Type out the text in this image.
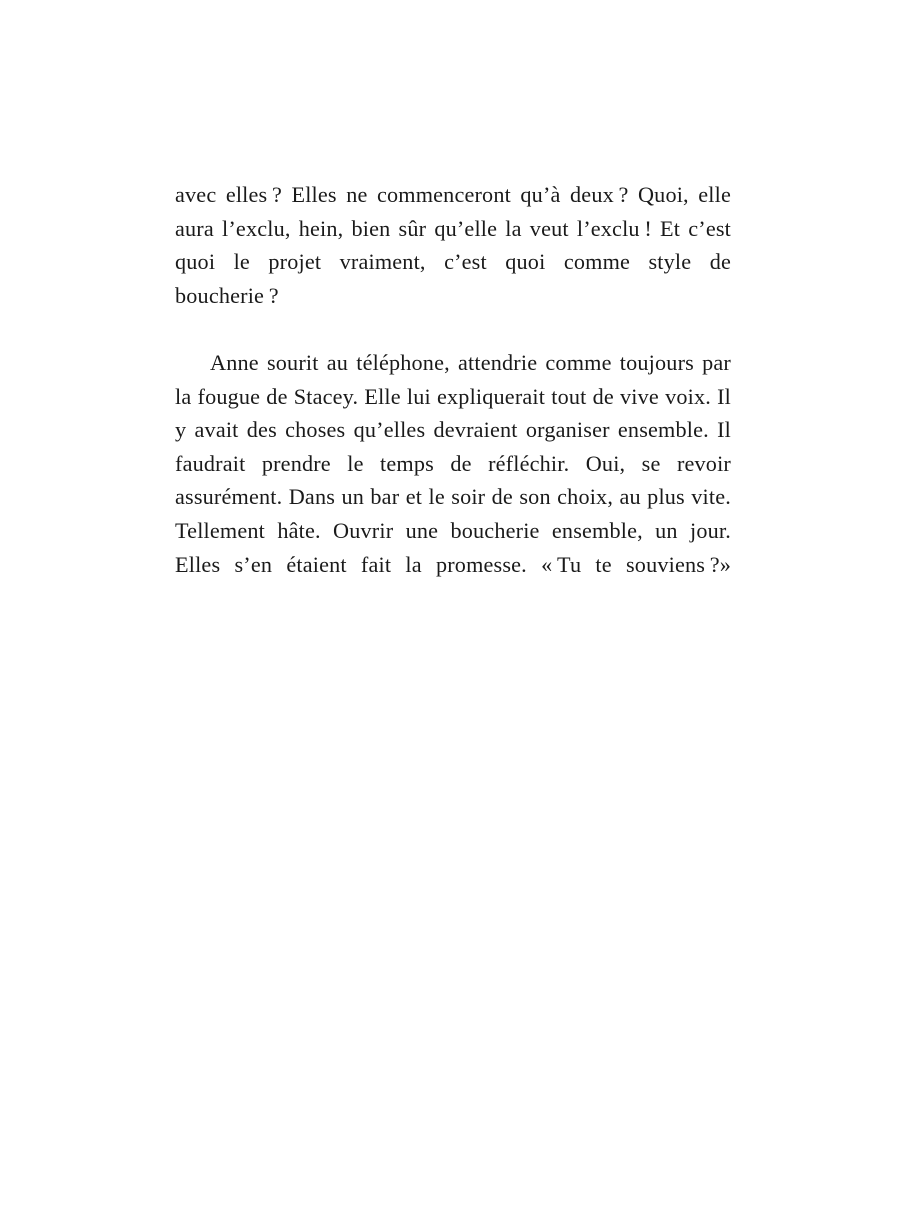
avec elles ? Elles ne commenceront qu’à deux ? Quoi, elle aura l’exclu, hein, bien sûr qu’elle la veut l’exclu ! Et c’est quoi le projet vraiment, c’est quoi comme style de boucherie ?

Anne sourit au téléphone, attendrie comme toujours par la fougue de Stacey. Elle lui expliquerait tout de vive voix. Il y avait des choses qu’elles devraient organiser ensemble. Il faudrait prendre le temps de réfléchir. Oui, se revoir assurément. Dans un bar et le soir de son choix, au plus vite. Tellement hâte. Ouvrir une boucherie ensemble, un jour. Elles s’en étaient fait la promesse. « Tu te souviens ?»
